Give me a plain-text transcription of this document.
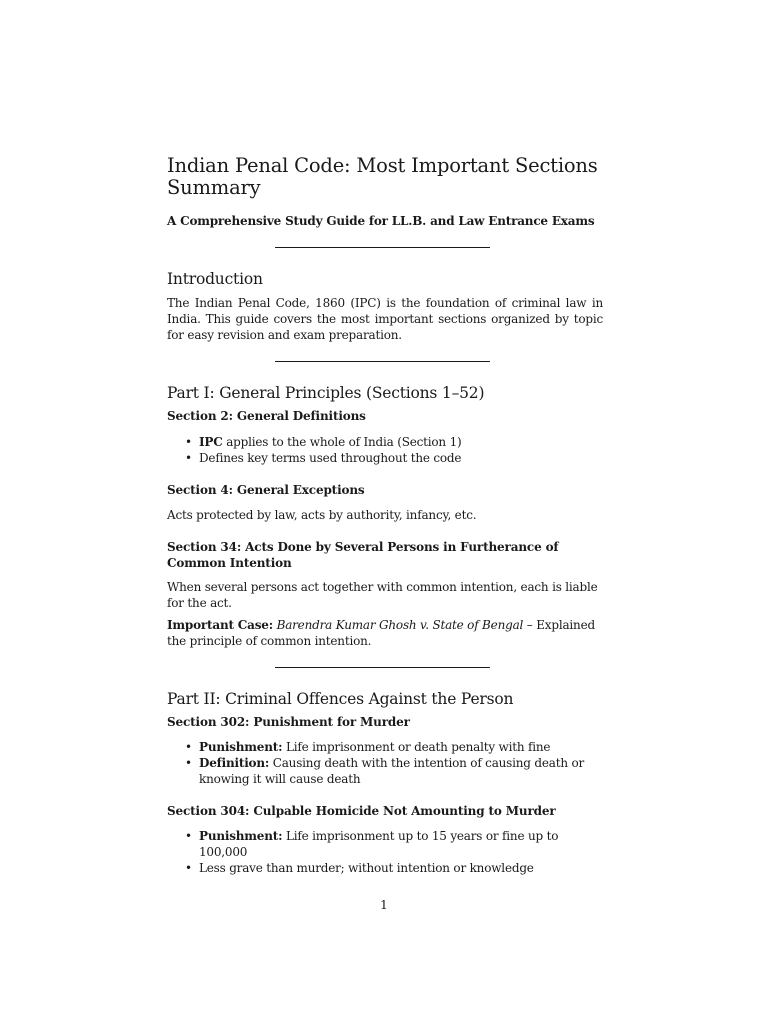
Indian Penal Code: Most Important Sections Summary
A Comprehensive Study Guide for LL.B. and Law Entrance Exams
Introduction
The Indian Penal Code, 1860 (IPC) is the foundation of criminal law in India. This guide covers the most important sections organized by topic for easy revision and exam preparation.
Part I: General Principles (Sections 1–52)
Section 2: General Definitions
• IPC applies to the whole of India (Section 1)
• Defines key terms used throughout the code
Section 4: General Exceptions
Acts protected by law, acts by authority, infancy, etc.
Section 34: Acts Done by Several Persons in Furtherance of Common Intention
When several persons act together with common intention, each is liable for the act.
Important Case: Barendra Kumar Ghosh v. State of Bengal – Explained the principle of common intention.
Part II: Criminal Offences Against the Person
Section 302: Punishment for Murder
• Punishment: Life imprisonment or death penalty with fine
• Definition: Causing death with the intention of causing death or knowing it will cause death
Section 304: Culpable Homicide Not Amounting to Murder
• Punishment: Life imprisonment up to 15 years or fine up to 100,000
• Less grave than murder; without intention or knowledge
1
